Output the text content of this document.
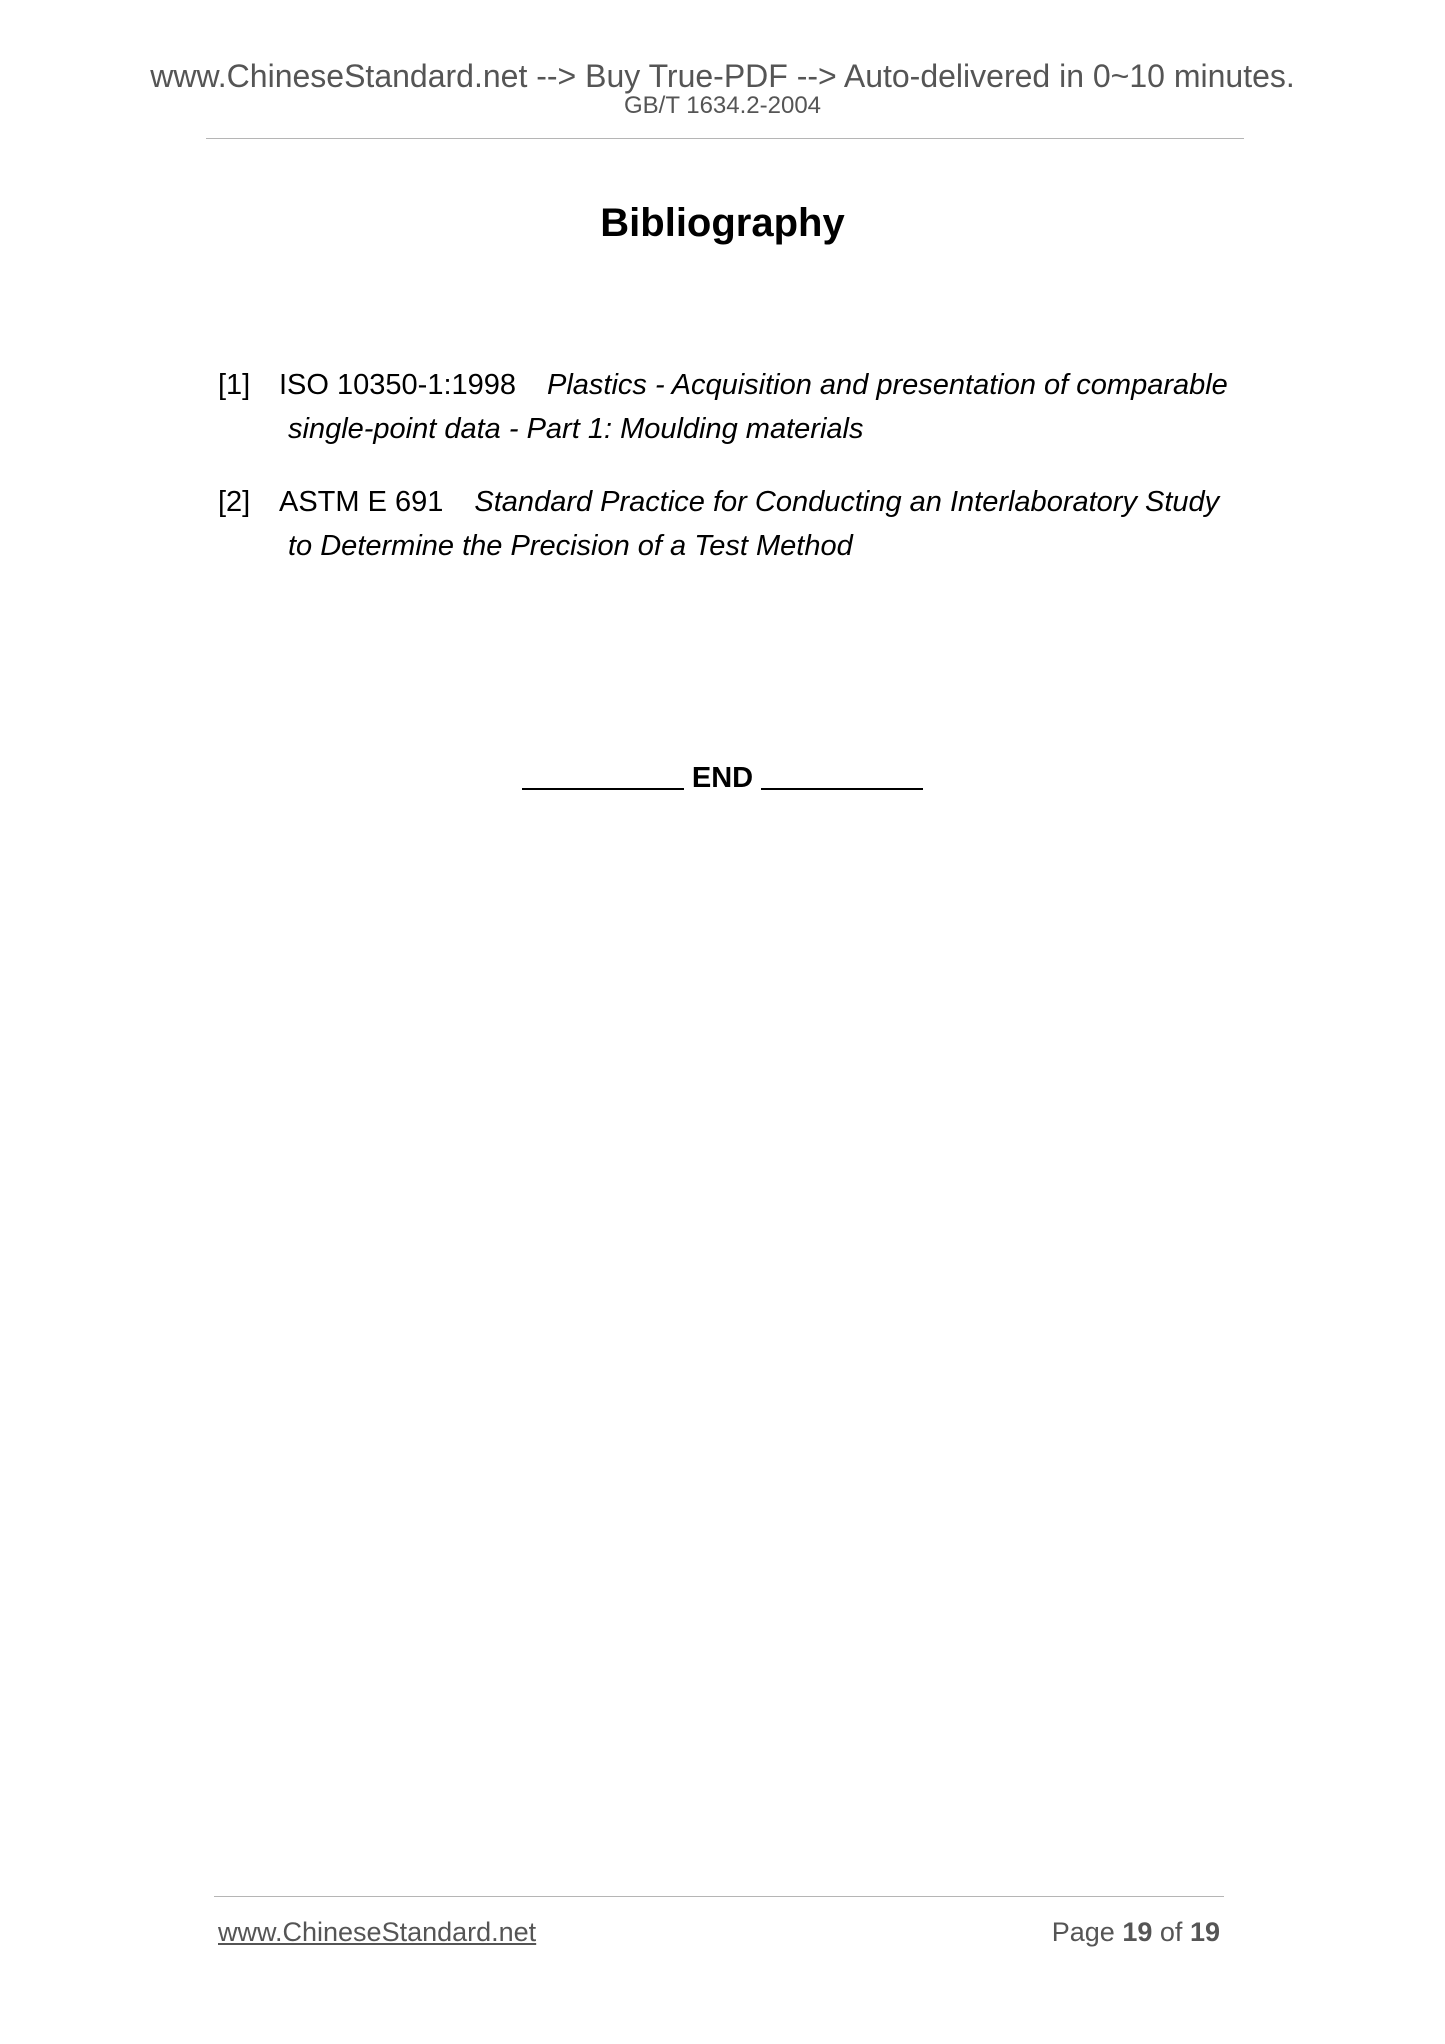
www.ChineseStandard.net --> Buy True-PDF --> Auto-delivered in 0~10 minutes.
GB/T 1634.2-2004
Bibliography
[1] ISO 10350-1:1998 Plastics - Acquisition and presentation of comparable
single-point data - Part 1: Moulding materials
[2] ASTM E 691 Standard Practice for Conducting an Interlaboratory Study
to Determine the Precision of a Test Method
END
www.ChineseStandard.net	Page 19 of 19
